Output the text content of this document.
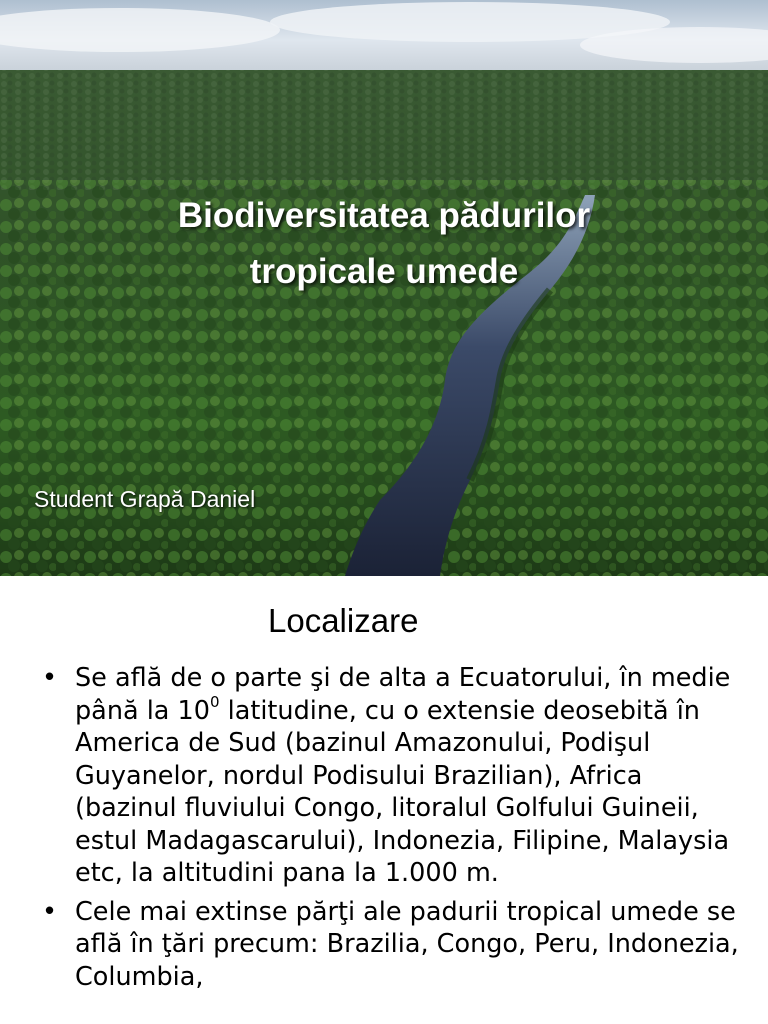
Biodiversitatea pădurilor
tropicale umede
Student Grapă Daniel
Localizare
• Se află de o parte şi de alta a Ecuatorului, în medie până la $10^0$ latitudine, cu o extensie deosebită în America de Sud (bazinul Amazonului, Podişul Guyanelor, nordul Podisului Brazilian), Africa (bazinul fluviului Congo, litoralul Golfului Guineii, estul Madagascarului), Indonezia, Filipine, Malaysia etc, la altitudini pana la 1.000 m.
• Cele mai extinse părţi ale padurii tropical umede se află în ţări precum: Brazilia, Congo, Peru, Indonezia, Columbia,
